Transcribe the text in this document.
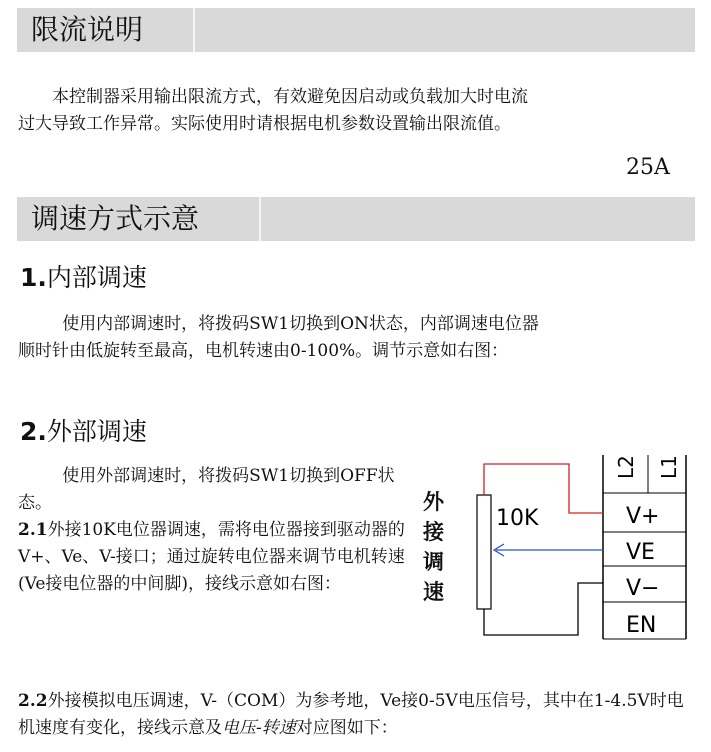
限流说明

本控制器采用输出限流方式，有效避免因启动或负载加大时电流过大导致工作异常。实际使用时请根据电机参数设置输出限流值。

25A
调速方式示意
1.内部调速

使用内部调速时，将拨码SW1切换到ON状态，内部调速电位器顺时针由低旋转至最高，电机转速由0-100%。调节示意如右图：

2.外部调速

使用外部调速时，将拨码SW1切换到OFF状态。

2.1外接10K电位器调速，需将电位器接到驱动器的V+、Ve、V-接口；通过旋转电位器来调节电机转速(Ve接电位器的中间脚)，接线示意如右图：

L2 L1
V+
VE
V−
EN
10K
外
接
调
速

2.2外接模拟电压调速，V-（COM）为参考地，Ve接0-5V电压信号，其中在1-4.5V时电机速度有变化，接线示意及电压-转速对应图如下：
